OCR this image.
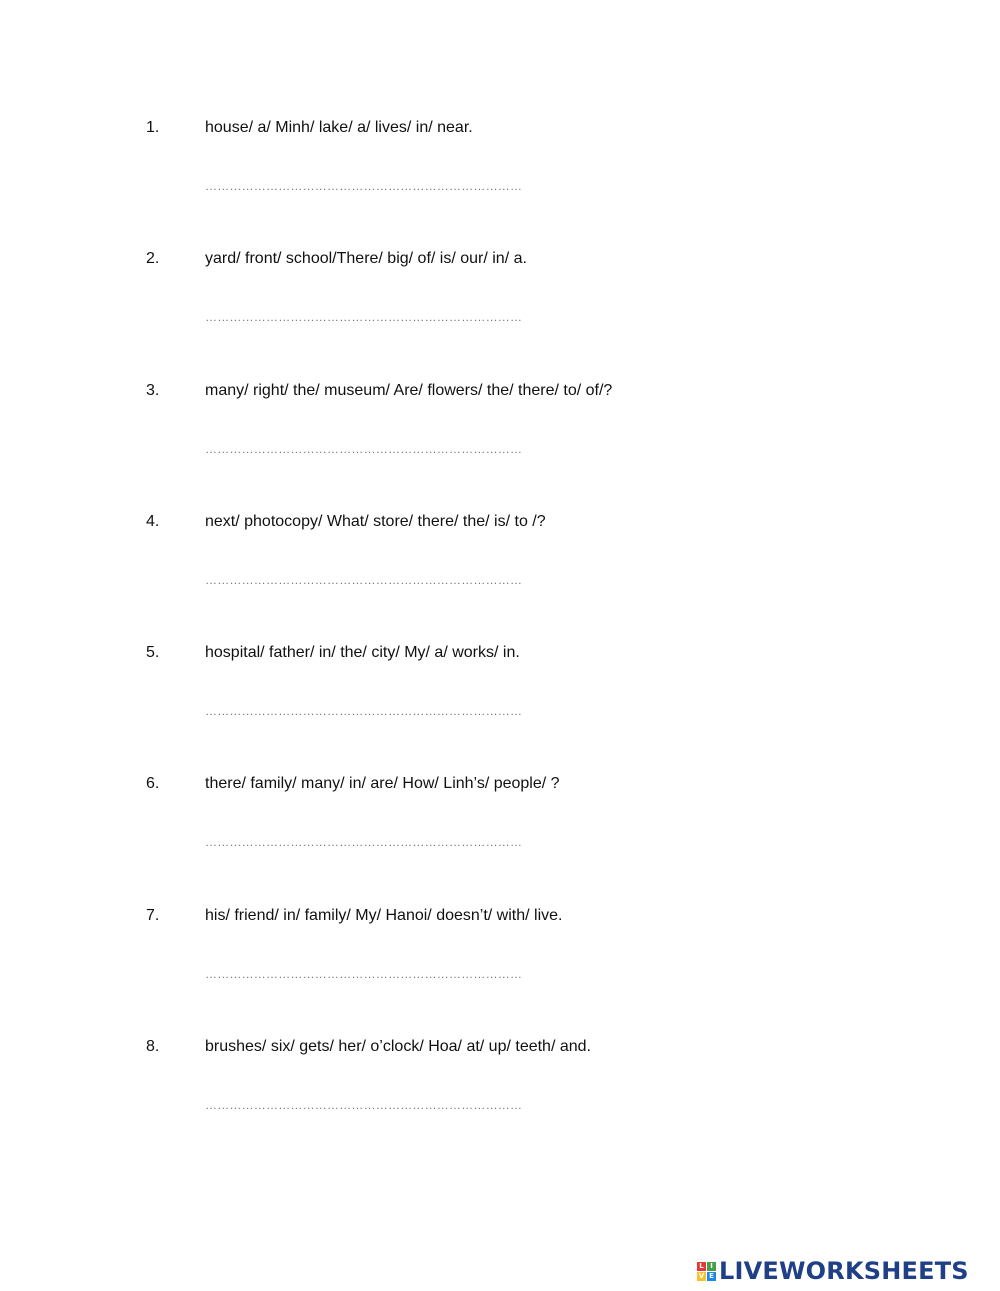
1.	house/ a/ Minh/ lake/ a/ lives/ in/ near.
……………………………………………………………………
2.	yard/ front/ school/There/ big/ of/ is/ our/ in/ a.
……………………………………………………………………
3.	many/ right/ the/ museum/ Are/ flowers/ the/ there/ to/ of/?
……………………………………………………………………
4.	next/ photocopy/ What/ store/ there/ the/ is/ to /?
……………………………………………………………………
5.	hospital/ father/ in/ the/ city/ My/ a/ works/ in.
……………………………………………………………………
6.	there/ family/ many/ in/ are/ How/ Linh’s/ people/ ?
……………………………………………………………………
7.	his/ friend/ in/ family/ My/ Hanoi/ doesn’t/ with/ live.
……………………………………………………………………
8.	brushes/ six/ gets/ her/ o’clock/ Hoa/ at/ up/ teeth/ and.
……………………………………………………………………
L I
V E LIVEWORKSHEETS
